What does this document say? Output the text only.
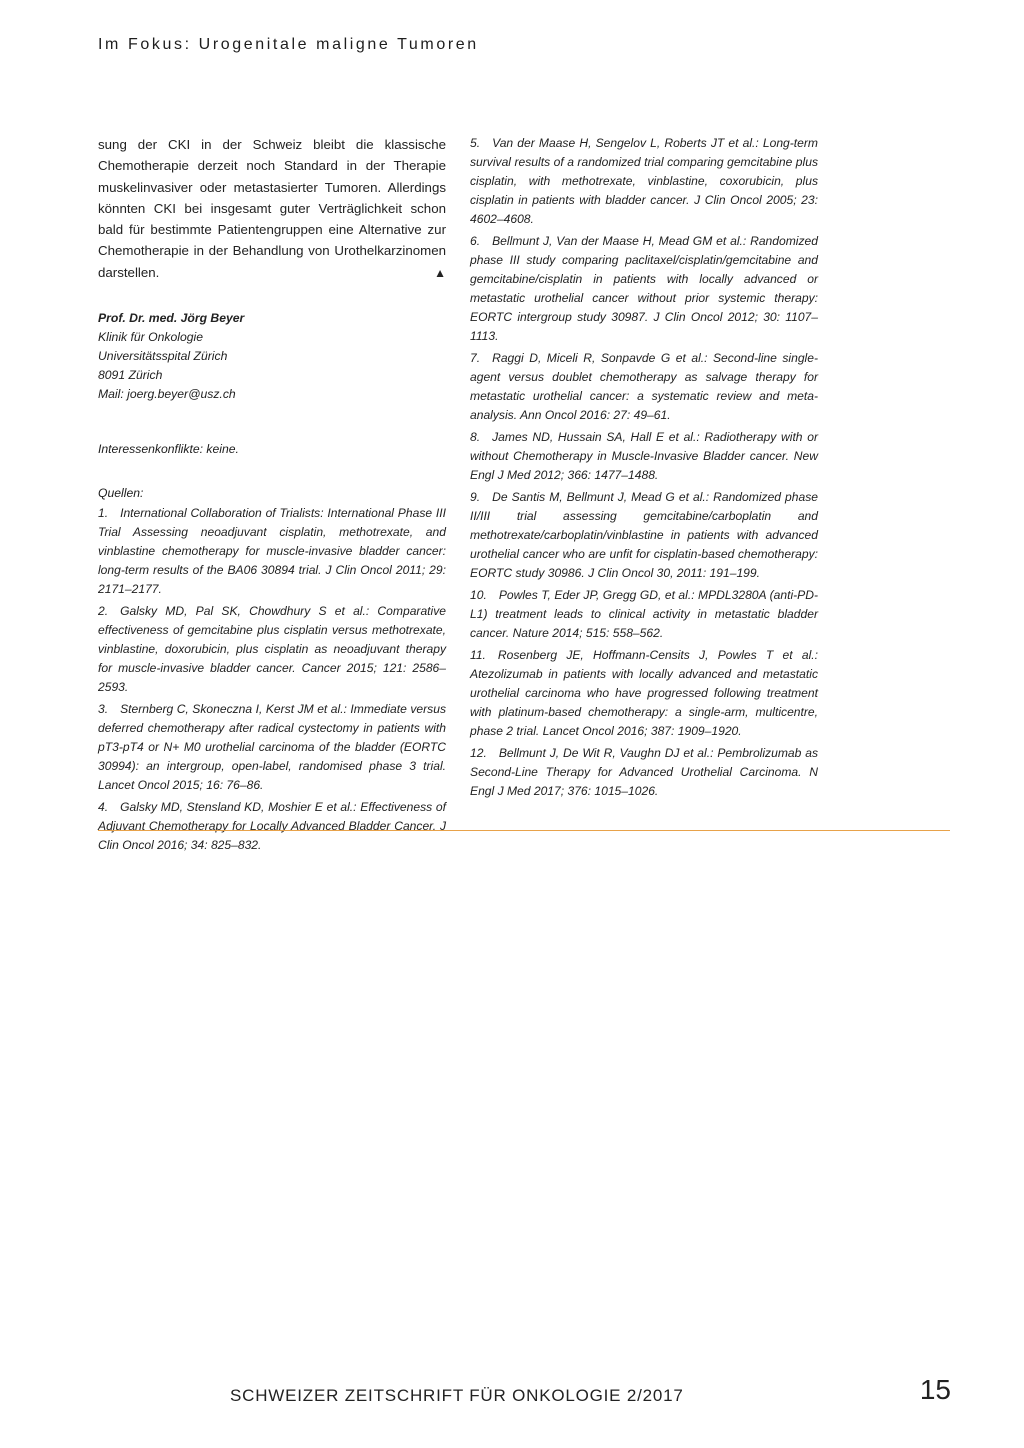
Im Fokus: Urogenitale maligne Tumoren

sung der CKI in der Schweiz bleibt die klassische Chemotherapie derzeit noch Standard in der Therapie muskelinvasiver oder metastasierter Tumoren. Allerdings könnten CKI bei insgesamt guter Verträglichkeit schon bald für bestimmte Patientengruppen eine Alternative zur Chemotherapie in der Behandlung von Urothelkarzinomen darstellen.	▲

Prof. Dr. med. Jörg Beyer
Klinik für Onkologie
Universitätsspital Zürich
8091 Zürich
Mail: joerg.beyer@usz.ch
Interessenkonflikte: keine.
Quellen:

1. International Collaboration of Trialists: International Phase III Trial Assessing neoadjuvant cisplatin, methotrexate, and vinblastine chemotherapy for muscle-invasive bladder cancer: long-term results of the BA06 30894 trial. J Clin Oncol 2011; 29: 2171–2177.

2. Galsky MD, Pal SK, Chowdhury S et al.: Comparative effectiveness of gemcitabine plus cisplatin versus methotrexate, vinblastine, doxorubicin, plus cisplatin as neoadjuvant therapy for muscle-invasive bladder cancer. Cancer 2015; 121: 2586–2593.

3. Sternberg C, Skoneczna I, Kerst JM et al.: Immediate versus deferred chemotherapy after radical cystectomy in patients with pT3-pT4 or N+ M0 urothelial carcinoma of the bladder (EORTC 30994): an intergroup, open-label, randomised phase 3 trial. Lancet Oncol 2015; 16: 76–86.

4. Galsky MD, Stensland KD, Moshier E et al.: Effectiveness of Adjuvant Chemotherapy for Locally Advanced Bladder Cancer. J Clin Oncol 2016; 34: 825–832.

5. Van der Maase H, Sengelov L, Roberts JT et al.: Long-term survival results of a randomized trial comparing gemcitabine plus cisplatin, with methotrexate, vinblastine, coxorubicin, plus cisplatin in patients with bladder cancer. J Clin Oncol 2005; 23: 4602–4608.

6. Bellmunt J, Van der Maase H, Mead GM et al.: Randomized phase III study comparing paclitaxel/cisplatin/gemcitabine and gemcitabine/cisplatin in patients with locally advanced or metastatic urothelial cancer without prior systemic therapy: EORTC intergroup study 30987. J Clin Oncol 2012; 30: 1107–1113.

7. Raggi D, Miceli R, Sonpavde G et al.: Second-line single-agent versus doublet chemotherapy as salvage therapy for metastatic urothelial cancer: a systematic review and meta-analysis. Ann Oncol 2016: 27: 49–61.

8. James ND, Hussain SA, Hall E et al.: Radiotherapy with or without Chemotherapy in Muscle-Invasive Bladder cancer. New Engl J Med 2012; 366: 1477–1488.

9. De Santis M, Bellmunt J, Mead G et al.: Randomized phase II/III trial assessing gemcitabine/carboplatin and methotrexate/carboplatin/vinblastine in patients with advanced urothelial cancer who are unfit for cisplatin-based chemotherapy: EORTC study 30986. J Clin Oncol 30, 2011: 191–199.

10. Powles T, Eder JP, Gregg GD, et al.: MPDL3280A (anti-PD-L1) treatment leads to clinical activity in metastatic bladder cancer. Nature 2014; 515: 558–562.

11. Rosenberg JE, Hoffmann-Censits J, Powles T et al.: Atezolizumab in patients with locally advanced and metastatic urothelial carcinoma who have progressed following treatment with platinum-based chemotherapy: a single-arm, multicentre, phase 2 trial. Lancet Oncol 2016; 387: 1909–1920.

12. Bellmunt J, De Wit R, Vaughn DJ et al.: Pembrolizumab as Second-Line Therapy for Advanced Urothelial Carcinoma. N Engl J Med 2017; 376: 1015–1026.

SCHWEIZER ZEITSCHRIFT FÜR ONKOLOGIE 2/2017	15
